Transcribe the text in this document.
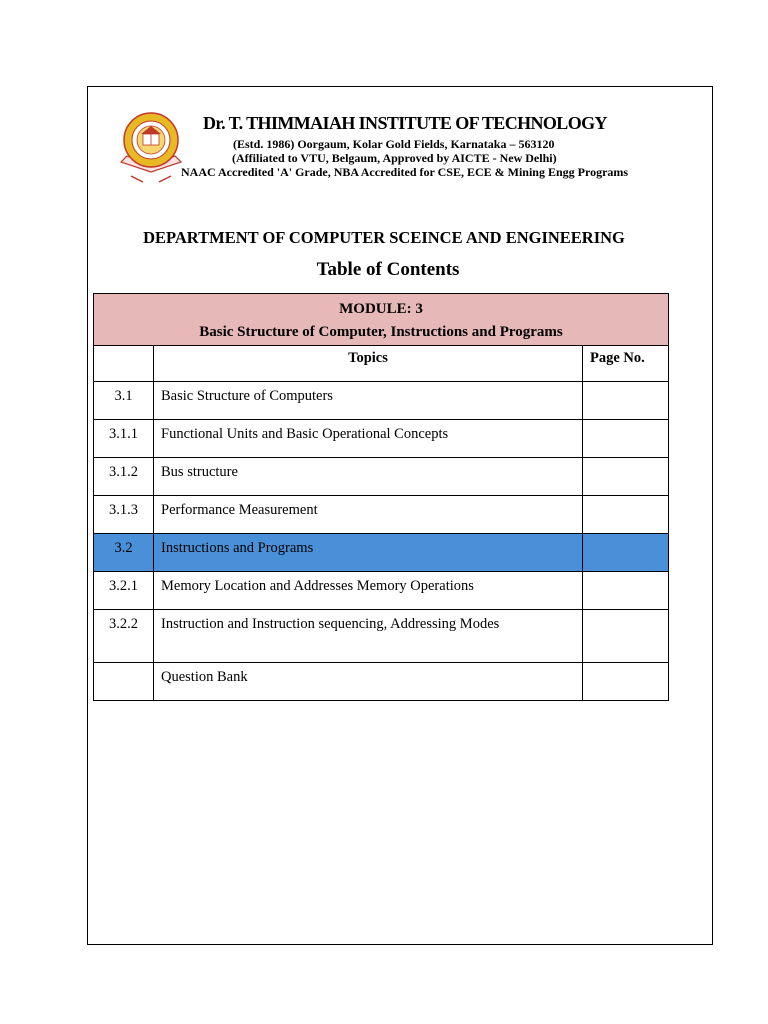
Dr. T. THIMMAIAH INSTITUTE OF TECHNOLOGY
(Estd. 1986) Oorgaum, Kolar Gold Fields, Karnataka – 563120
(Affiliated to VTU, Belgaum, Approved by AICTE - New Delhi)
NAAC Accredited 'A' Grade, NBA Accredited for CSE, ECE & Mining Engg Programs
DEPARTMENT OF COMPUTER SCEINCE AND ENGINEERING
Table of Contents
MODULE: 3
Basic Structure of Computer, Instructions and Programs		

	Topics	Page No.
3.1	Basic Structure of Computers	
3.1.1	Functional Units and Basic Operational Concepts	
3.1.2	Bus structure	
3.1.3	Performance Measurement	
3.2	Instructions and Programs	
3.2.1	Memory Location and Addresses Memory Operations	
3.2.2	Instruction and Instruction sequencing, Addressing Modes	
	Question Bank	
